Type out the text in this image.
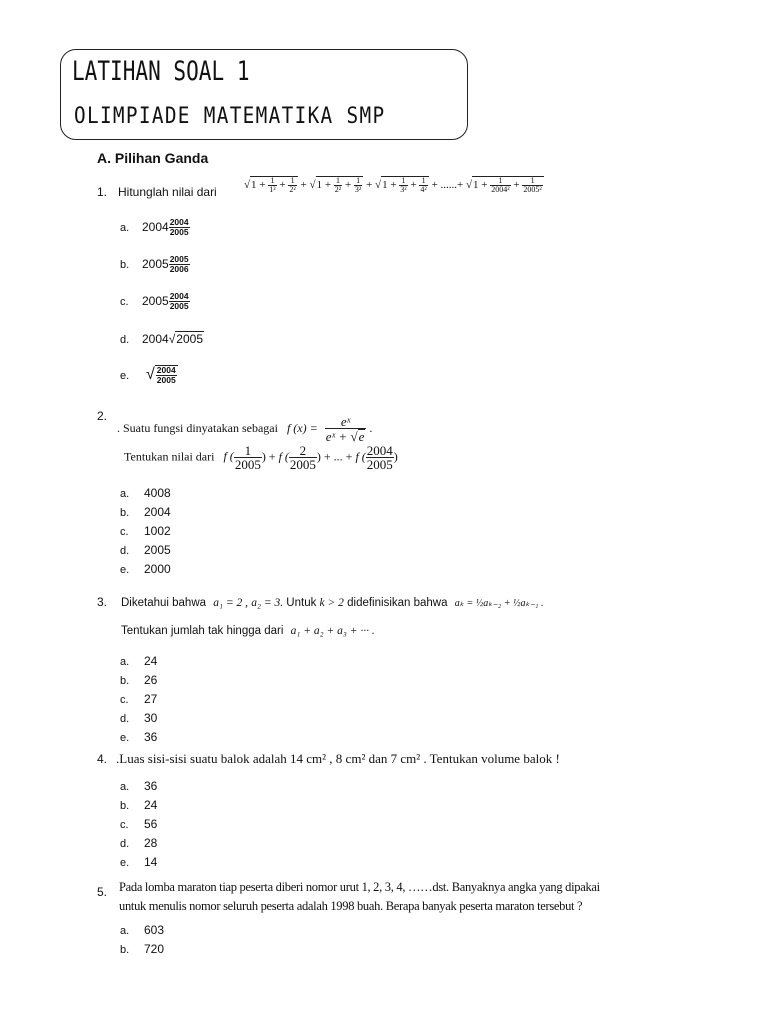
LATIHAN SOAL 1
OLIMPIADE MATEMATIKA SMP
A. Pilihan Ganda
1. Hitunglah nilai dari $√1 + \frac{1}{\text{1²}} + \frac{1}{\text{2²}} + √1 + \frac{1}{\text{2²}} + \frac{1}{\text{3²}} + √1 + \frac{1}{\text{3²}} + \frac{1}{\text{4²}}$ + ......+ $√1 + \frac{1}{\text{2004²}} + \frac{1}{\text{2005²}}$
a. $2004 \frac{2004}{2005}$
b. $2005 \frac{2005}{2006}$
c. $2005 \frac{2004}{2005}$
d. 2004√2005
e. √ $\frac{2004}{2005}$
2.
. Suatu fungsi dinyatakan sebagai f $(x) = \frac{\text{eˣ}}{\text{eˣ + √e}}$ .
Tentukan nilai dari f ( $\frac{1}{2005}$ ) + f ( $\frac{2}{2005}$ ) + ... + f ( $\frac{2004}{2005}$ )
a. 4008
b. 2004
c. 1002
d. 2005
e. 2000
3. Diketahui bahwa a₁ = 2 , a₂ = 3. Untuk k > 2 didefinisikan bahwa aₖ = ½aₖ₋₂ + ½aₖ₋₁ .
Tentukan jumlah tak hingga dari a₁ + a₂ + a₃ + ··· .
a. 24
b. 26
c. 27
d. 30
e. 36
4. .Luas sisi-sisi suatu balok adalah 14 cm² , 8 cm² dan 7 cm² . Tentukan volume balok !
a. 36
b. 24
c. 56
d. 28
e. 14
5. Pada lomba maraton tiap peserta diberi nomor urut 1, 2, 3, 4, ……dst. Banyaknya angka yang dipakai
untuk menulis nomor seluruh peserta adalah 1998 buah. Berapa banyak peserta maraton tersebut ?
a. 603
b. 720
